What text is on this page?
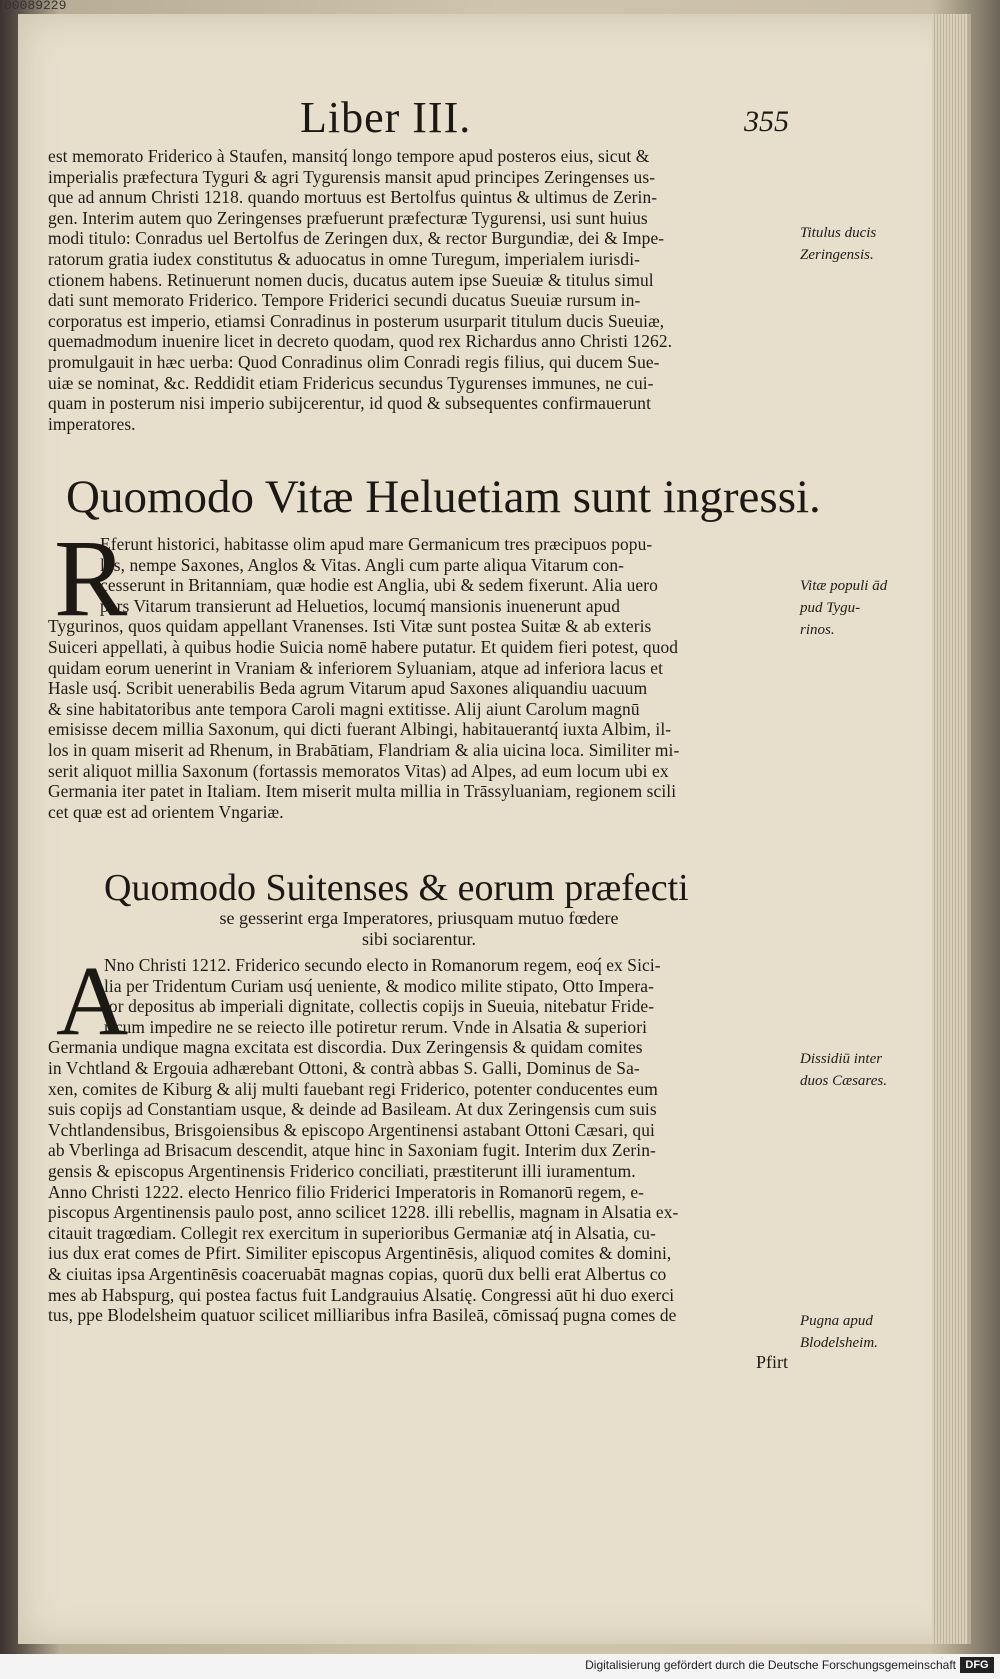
00089229
Liber III.	355
est memorato Friderico à Staufen, mansitq́ longo tempore apud posteros eius, sicut &
imperialis præfectura Tyguri & agri Tygurensis mansit apud principes Zeringenses us-
que ad annum Christi 1218. quando mortuus est Bertolfus quintus & ultimus de Zerin-
gen. Interim autem quo Zeringenses præfuerunt præfecturæ Tygurensi, usi sunt huius
modi titulo: Conradus uel Bertolfus de Zeringen dux, & rector Burgundiæ, dei & Impe-
ratorum gratia iudex constitutus & aduocatus in omne Turegum, imperialem iurisdi-
ctionem habens. Retinuerunt nomen ducis, ducatus autem ipse Sueuiæ & titulus simul
dati sunt memorato Friderico. Tempore Friderici secundi ducatus Sueuiæ rursum in-
corporatus est imperio, etiamsi Conradinus in posterum usurparit titulum ducis Sueuiæ,
quemadmodum inuenire licet in decreto quodam, quod rex Richardus anno Christi 1262.
promulgauit in hæc uerba: Quod Conradinus olim Conradi regis filius, qui ducem Sue-
uiæ se nominat, &c. Reddidit etiam Fridericus secundus Tygurenses immunes, ne cui-
quam in posterum nisi imperio subijcerentur, id quod & subsequentes confirmauerunt
imperatores.
Quomodo Vitæ Heluetiam sunt ingressi.
R
Eferunt historici, habitasse olim apud mare Germanicum tres præcipuos popu-
los, nempe Saxones, Anglos & Vitas. Angli cum parte aliqua Vitarum con-
cesserunt in Britanniam, quæ hodie est Anglia, ubi & sedem fixerunt. Alia uero
pars Vitarum transierunt ad Heluetios, locumq́ mansionis inuenerunt apud
Tygurinos, quos quidam appellant Vranenses. Isti Vitæ sunt postea Suitæ & ab exteris
Suiceri appellati, à quibus hodie Suicia nomē habere putatur. Et quidem fieri potest, quod
quidam eorum uenerint in Vraniam & inferiorem Syluaniam, atque ad inferiora lacus et
Hasle usq́. Scribit uenerabilis Beda agrum Vitarum apud Saxones aliquandiu uacuum
& sine habitatoribus ante tempora Caroli magni extitisse. Alij aiunt Carolum magnū
emisisse decem millia Saxonum, qui dicti fuerant Albingi, habitauerantq́ iuxta Albim, il-
los in quam miserit ad Rhenum, in Brabātiam, Flandriam & alia uicina loca. Similiter mi-
serit aliquot millia Saxonum (fortassis memoratos Vitas) ad Alpes, ad eum locum ubi ex
Germania iter patet in Italiam. Item miserit multa millia in Trāssyluaniam, regionem scili
cet quæ est ad orientem Vngariæ.
Quomodo Suitenses & eorum præfecti
se gesserint erga Imperatores, priusquam mutuo fœdere
sibi sociarentur.
A
Nno Christi 1212. Friderico secundo electo in Romanorum regem, eoq́ ex Sici-
lia per Tridentum Curiam usq́ ueniente, & modico milite stipato, Otto Impera-
tor depositus ab imperiali dignitate, collectis copijs in Sueuia, nitebatur Fride-
ricum impedire ne se reiecto ille potiretur rerum. Vnde in Alsatia & superiori
Germania undique magna excitata est discordia. Dux Zeringensis & quidam comites
in Vchtland & Ergouia adhærebant Ottoni, & contrà abbas S. Galli, Dominus de Sa-
xen, comites de Kiburg & alij multi fauebant regi Friderico, potenter conducentes eum
suis copijs ad Constantiam usque, & deinde ad Basileam. At dux Zeringensis cum suis
Vchtlandensibus, Brisgoiensibus & episcopo Argentinensi astabant Ottoni Cæsari, qui
ab Vberlinga ad Brisacum descendit, atque hinc in Saxoniam fugit. Interim dux Zerin-
gensis & episcopus Argentinensis Friderico conciliati, præstiterunt illi iuramentum.
Anno Christi 1222. electo Henrico filio Friderici Imperatoris in Romanorū regem, e-
piscopus Argentinensis paulo post, anno scilicet 1228. illi rebellis, magnam in Alsatia ex-
citauit tragœdiam. Collegit rex exercitum in superioribus Germaniæ atq́ in Alsatia, cu-
ius dux erat comes de Pfirt. Similiter episcopus Argentinēsis, aliquod comites & domini,
& ciuitas ipsa Argentinēsis coaceruabāt magnas copias, quorū dux belli erat Albertus co
mes ab Habspurg, qui postea factus fuit Landgrauius Alsatię. Congressi aūt hi duo exerci
tus, ppe Blodelsheim quatuor scilicet milliaribus infra Basileā, cōmissaq́ pugna comes de
Pfirt
Titulus ducis
Zeringensis.
Vitæ populi ād
pud Tygu-
rinos.
Dissidiū inter
duos Cæsares.
Pugna apud
Blodelsheim.
Digitalisierung gefördert durch die Deutsche Forschungsgemeinschaft DFG
